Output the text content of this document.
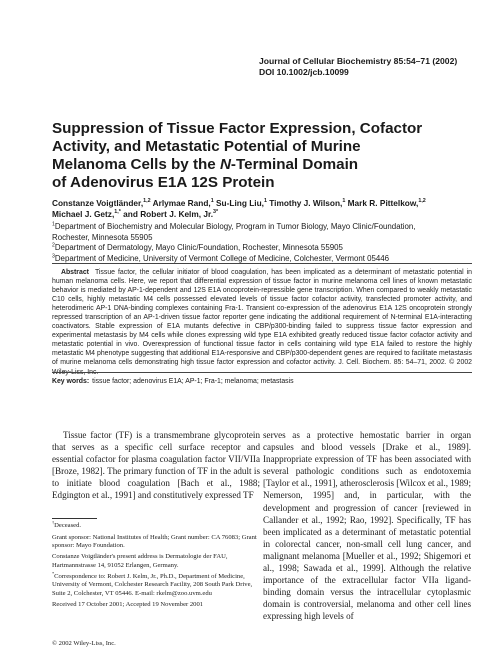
Journal of Cellular Biochemistry 85:54–71 (2002)
DOI 10.1002/jcb.10099
Suppression of Tissue Factor Expression, Cofactor
Activity, and Metastatic Potential of Murine
Melanoma Cells by the N-Terminal Domain
of Adenovirus E1A 12S Protein
Constanze Voigtländer,$^{1,2}$ Arlymae Rand,$^1$ Su-Ling Liu,$^1$ Timothy J. Wilson,$^1$ Mark R. Pittelkow,$^{1,2}$
Michael J. Getz,$^{1,*}$ and Robert J. Kelm, Jr.$^{3*}$
$^1$Department of Biochemistry and Molecular Biology, Program in Tumor Biology, Mayo Clinic/Foundation,
Rochester, Minnesota 55905
$^2$Department of Dermatology, Mayo Clinic/Foundation, Rochester, Minnesota 55905
$^3$Department of Medicine, University of Vermont College of Medicine, Colchester, Vermont 05446
Abstract Tissue factor, the cellular initiator of blood coagulation, has been implicated as a determinant of metastatic potential in human melanoma cells. Here, we report that differential expression of tissue factor in murine melanoma cell lines of known metastatic behavior is mediated by AP-1-dependent and 12S E1A oncoprotein-repressible gene transcription. When compared to weakly metastatic C10 cells, highly metastatic M4 cells possessed elevated levels of tissue factor cofactor activity, transfected promoter activity, and heterodimeric AP-1 DNA-binding complexes containing Fra-1. Transient co-expression of the adenovirus E1A 12S oncoprotein strongly repressed transcription of an AP-1-driven tissue factor reporter gene indicating the additional requirement of N-terminal E1A-interacting coactivators. Stable expression of E1A mutants defective in CBP/p300-binding failed to suppress tissue factor expression and experimental metastasis by M4 cells while clones expressing wild type E1A exhibited greatly reduced tissue factor cofactor activity and metastatic potential in vivo. Overexpression of functional tissue factor in cells containing wild type E1A failed to restore the highly metastatic M4 phenotype suggesting that additional E1A-responsive and CBP/p300-dependent genes are required to facilitate metastasis of murine melanoma cells demonstrating high tissue factor expression and cofactor activity. J. Cell. Biochem. 85: 54–71, 2002. © 2002 Wiley-Liss, Inc.
Key words: tissue factor; adenovirus E1A; AP-1; Fra-1; melanoma; metastasis

Tissue factor (TF) is a transmembrane glycoprotein that serves as a specific cell surface receptor and essential cofactor for plasma coagulation factor VII/VIIa [Broze, 1982]. The primary function of TF in the adult is to initiate blood coagulation [Bach et al., 1988; Edgington et al., 1991] and constitutively expressed TF

†Deceased.
Grant sponsor: National Institutes of Health; Grant number: CA 76083; Grant sponsor: Mayo Foundation.
Constanze Voigtländer's present address is Dermatologie der FAU, Hartmannstrasse 14, 91052 Erlangen, Germany.
*Correspondence to: Robert J. Kelm, Jr., Ph.D., Department of Medicine, University of Vermont, Colchester Research Facility, 208 South Park Drive, Suite 2, Colchester, VT 05446. E-mail: rkelm@zoo.uvm.edu
Received 17 October 2001; Accepted 19 November 2001
© 2002 Wiley-Liss, Inc.

serves as a protective hemostatic barrier in organ capsules and blood vessels [Drake et al., 1989]. Inappropriate expression of TF has been associated with several pathologic conditions such as endotoxemia [Taylor et al., 1991], atherosclerosis [Wilcox et al., 1989; Nemerson, 1995] and, in particular, with the development and progression of cancer [reviewed in Callander et al., 1992; Rao, 1992]. Specifically, TF has been implicated as a determinant of metastatic potential in colorectal cancer, non-small cell lung cancer, and malignant melanoma [Mueller et al., 1992; Shigemori et al., 1998; Sawada et al., 1999]. Although the relative importance of the extracellular factor VIIa ligand-binding domain versus the intracellular cytoplasmic domain is controversial, melanoma and other cell lines expressing high levels of
